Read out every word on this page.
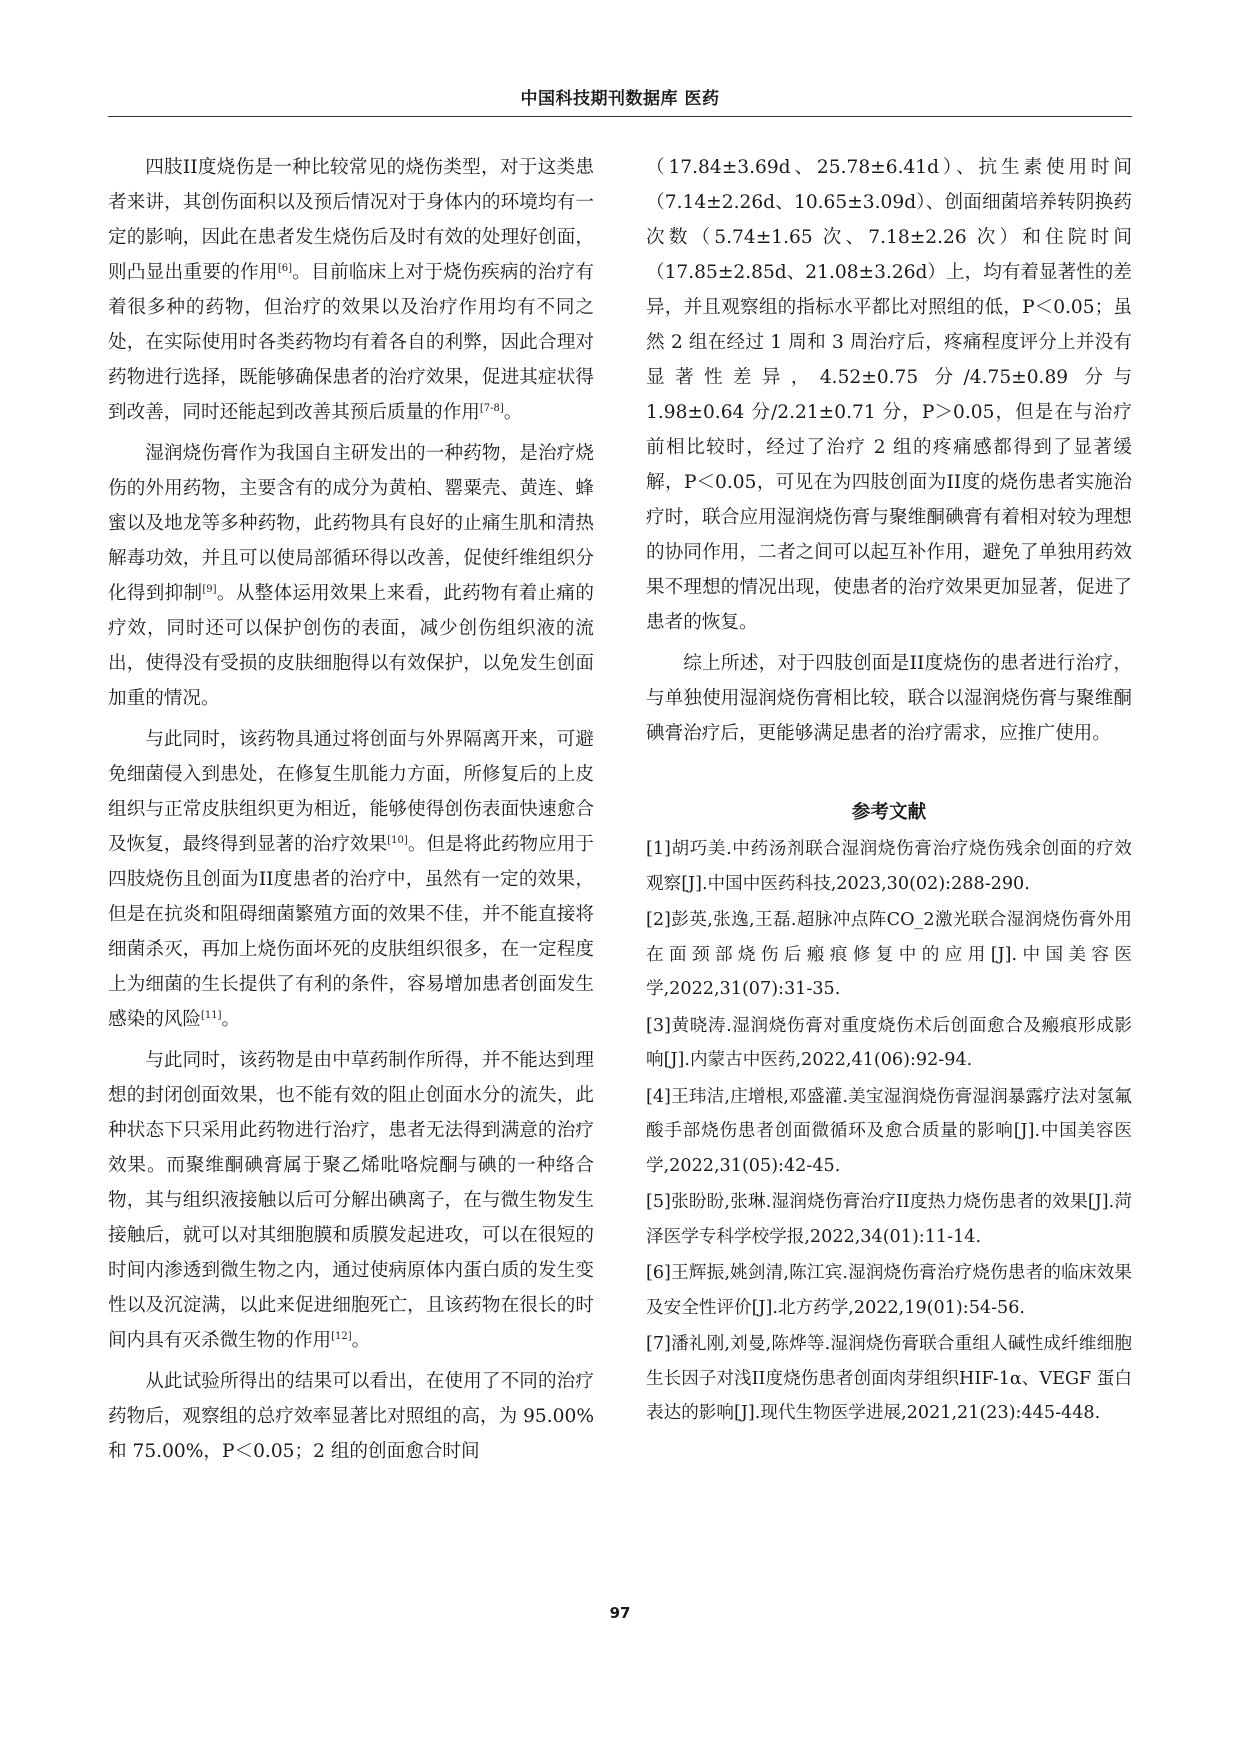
中国科技期刊数据库 医药

四肢II度烧伤是一种比较常见的烧伤类型，对于这类患者来讲，其创伤面积以及预后情况对于身体内的环境均有一定的影响，因此在患者发生烧伤后及时有效的处理好创面，则凸显出重要的作用[6]。目前临床上对于烧伤疾病的治疗有着很多种的药物，但治疗的效果以及治疗作用均有不同之处，在实际使用时各类药物均有着各自的利弊，因此合理对药物进行选择，既能够确保患者的治疗效果，促进其症状得到改善，同时还能起到改善其预后质量的作用[7-8]。

湿润烧伤膏作为我国自主研发出的一种药物，是治疗烧伤的外用药物，主要含有的成分为黄柏、罂粟壳、黄连、蜂蜜以及地龙等多种药物，此药物具有良好的止痛生肌和清热解毒功效，并且可以使局部循环得以改善，促使纤维组织分化得到抑制[9]。从整体运用效果上来看，此药物有着止痛的疗效，同时还可以保护创伤的表面，减少创伤组织液的流出，使得没有受损的皮肤细胞得以有效保护，以免发生创面加重的情况。

与此同时，该药物具通过将创面与外界隔离开来，可避免细菌侵入到患处，在修复生肌能力方面，所修复后的上皮组织与正常皮肤组织更为相近，能够使得创伤表面快速愈合及恢复，最终得到显著的治疗效果[10]。但是将此药物应用于四肢烧伤且创面为II度患者的治疗中，虽然有一定的效果，但是在抗炎和阻碍细菌繁殖方面的效果不佳，并不能直接将细菌杀灭，再加上烧伤面坏死的皮肤组织很多，在一定程度上为细菌的生长提供了有利的条件，容易增加患者创面发生感染的风险[11]。

与此同时，该药物是由中草药制作所得，并不能达到理想的封闭创面效果，也不能有效的阻止创面水分的流失，此种状态下只采用此药物进行治疗，患者无法得到满意的治疗效果。而聚维酮碘膏属于聚乙烯吡咯烷酮与碘的一种络合物，其与组织液接触以后可分解出碘离子，在与微生物发生接触后，就可以对其细胞膜和质膜发起进攻，可以在很短的时间内渗透到微生物之内，通过使病原体内蛋白质的发生变性以及沉淀满，以此来促进细胞死亡，且该药物在很长的时间内具有灭杀微生物的作用[12]。

从此试验所得出的结果可以看出，在使用了不同的治疗药物后，观察组的总疗效率显著比对照组的高，为 95.00%和 75.00%，P＜0.05；2 组的创面愈合时间

（17.84±3.69d、25.78±6.41d）、抗生素使用时间（7.14±2.26d、10.65±3.09d）、创面细菌培养转阴换药次数（5.74±1.65 次、7.18±2.26 次）和住院时间（17.85±2.85d、21.08±3.26d）上，均有着显著性的差异，并且观察组的指标水平都比对照组的低，P＜0.05；虽然 2 组在经过 1 周和 3 周治疗后，疼痛程度评分上并没有显著性差异，4.52±0.75 分/4.75±0.89 分与 1.98±0.64 分/2.21±0.71 分，P＞0.05，但是在与治疗前相比较时，经过了治疗 2 组的疼痛感都得到了显著缓解，P＜0.05，可见在为四肢创面为II度的烧伤患者实施治疗时，联合应用湿润烧伤膏与聚维酮碘膏有着相对较为理想的协同作用，二者之间可以起互补作用，避免了单独用药效果不理想的情况出现，使患者的治疗效果更加显著，促进了患者的恢复。

综上所述，对于四肢创面是II度烧伤的患者进行治疗，与单独使用湿润烧伤膏相比较，联合以湿润烧伤膏与聚维酮碘膏治疗后，更能够满足患者的治疗需求，应推广使用。

参考文献
[1]胡巧美.中药汤剂联合湿润烧伤膏治疗烧伤残余创面的疗效观察[J].中国中医药科技,2023,30(02):288-290.
[2]彭英,张逸,王磊.超脉冲点阵CO_2激光联合湿润烧伤膏外用在面颈部烧伤后瘢痕修复中的应用[J].中国美容医学,2022,31(07):31-35.
[3]黄晓涛.湿润烧伤膏对重度烧伤术后创面愈合及瘢痕形成影响[J].内蒙古中医药,2022,41(06):92-94.
[4]王玮洁,庄增根,邓盛灌.美宝湿润烧伤膏湿润暴露疗法对氢氟酸手部烧伤患者创面微循环及愈合质量的影响[J].中国美容医学,2022,31(05):42-45.
[5]张盼盼,张琳.湿润烧伤膏治疗II度热力烧伤患者的效果[J].菏泽医学专科学校学报,2022,34(01):11-14.
[6]王辉振,姚剑清,陈江宾.湿润烧伤膏治疗烧伤患者的临床效果及安全性评价[J].北方药学,2022,19(01):54-56.
[7]潘礼刚,刘曼,陈烨等.湿润烧伤膏联合重组人碱性成纤维细胞生长因子对浅II度烧伤患者创面肉芽组织HIF-1α、VEGF 蛋白表达的影响[J].现代生物医学进展,2021,21(23):445-448.
97
